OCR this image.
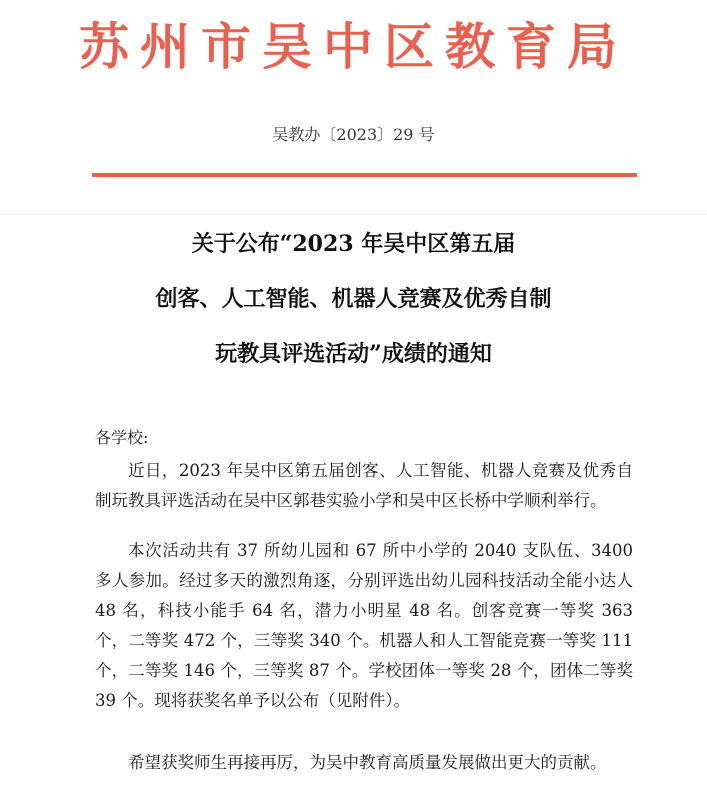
苏州市吴中区教育局
吴教办〔2023〕29 号
关于公布“2023 年吴中区第五届
创客、人工智能、机器人竞赛及优秀自制
玩教具评选活动”成绩的通知
各学校:
近日，2023 年吴中区第五届创客、人工智能、机器人竞赛及优秀自制玩教具评选活动在吴中区郭巷实验小学和吴中区长桥中学顺利举行。
本次活动共有 37 所幼儿园和 67 所中小学的 2040 支队伍、3400 多人参加。经过多天的激烈角逐，分别评选出幼儿园科技活动全能小达人 48 名，科技小能手 64 名，潜力小明星 48 名。创客竞赛一等奖 363 个，二等奖 472 个，三等奖 340 个。机器人和人工智能竞赛一等奖 111 个，二等奖 146 个，三等奖 87 个。学校团体一等奖 28 个，团体二等奖 39 个。现将获奖名单予以公布（见附件）。
希望获奖师生再接再厉，为吴中教育高质量发展做出更大的贡献。
